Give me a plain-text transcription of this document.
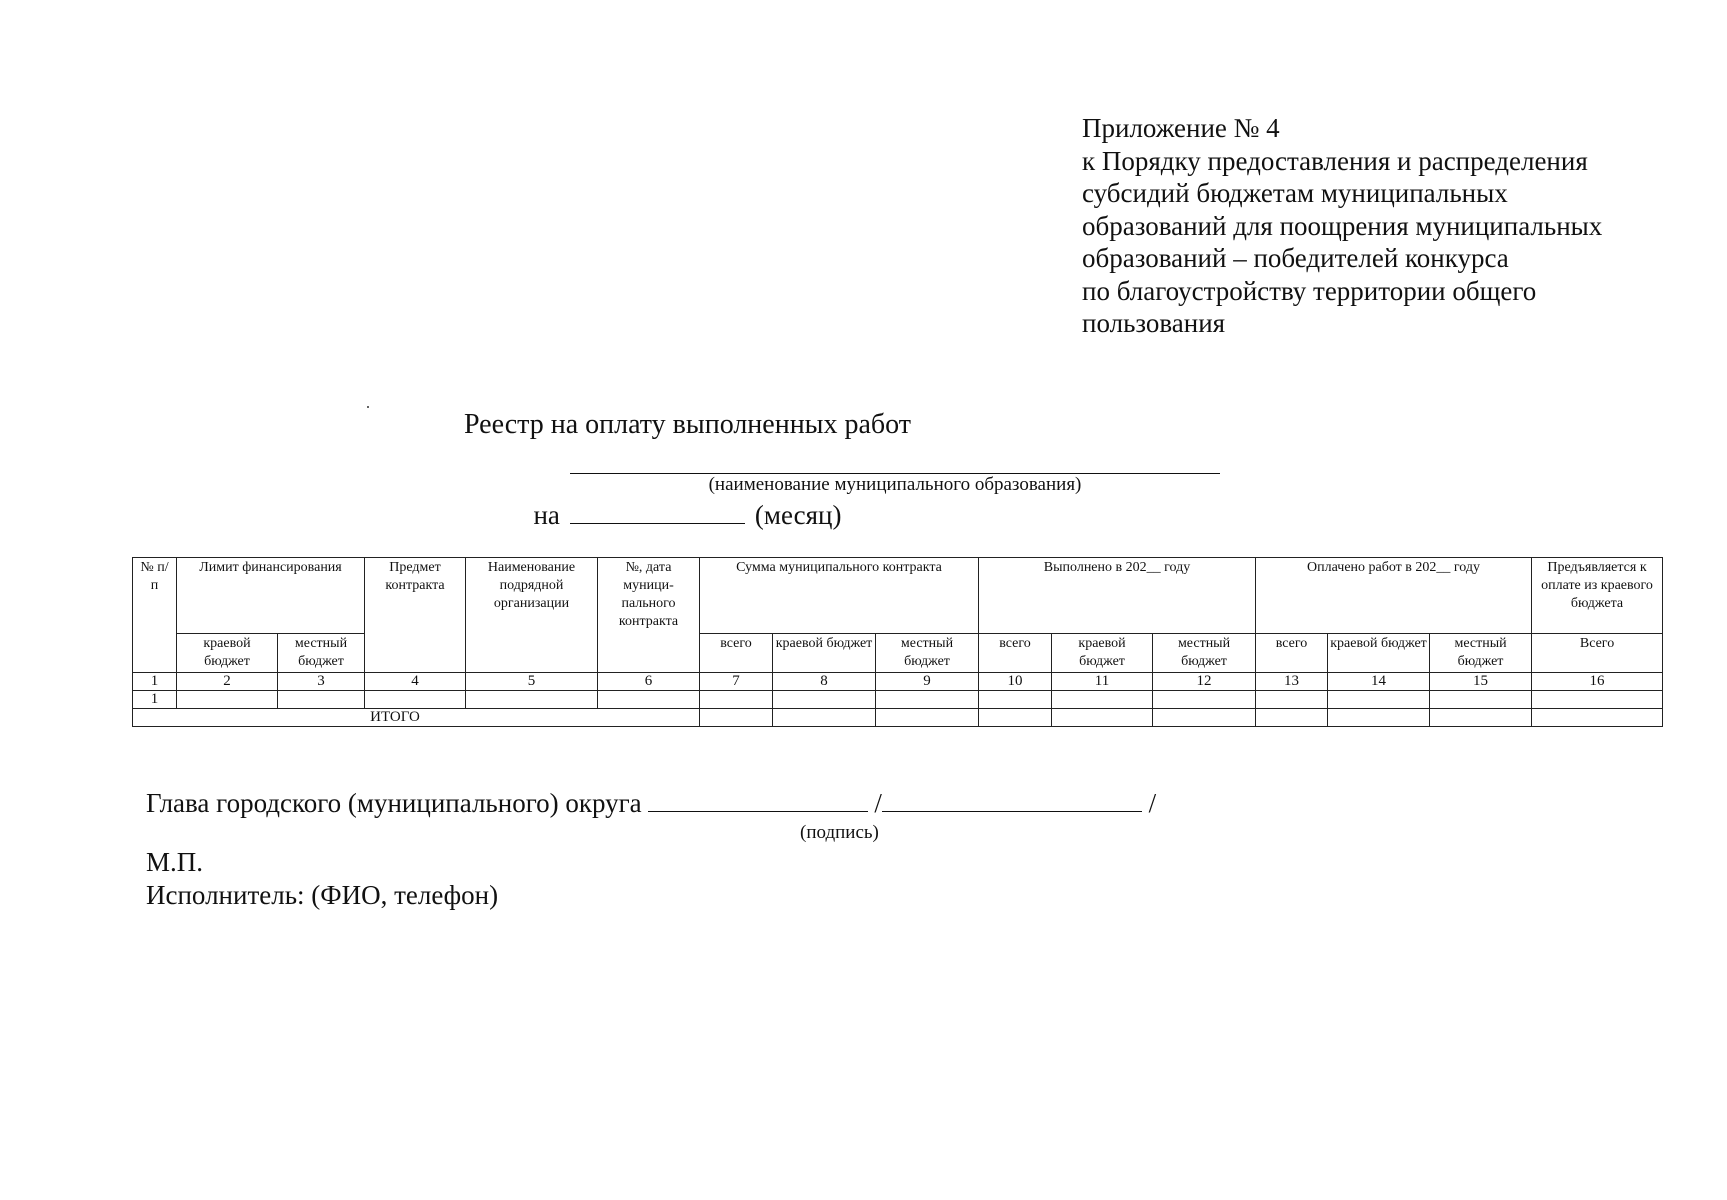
Приложение № 4
к Порядку предоставления и распределения
субсидий бюджетам муниципальных
образований для поощрения муниципальных
образований – победителей конкурса
по благоустройству территории общего
пользования
Реестр на оплату выполненных работ
(наименование муниципального образования)
на	(месяц)
№ п/ п	Лимит финансирования		Предмет контракта	Наименование подрядной организации	№, дата муници-пального контракта	Сумма муниципального контракта			Выполнено в 202__ году			Оплачено работ в 202__ году			Предъявляется к оплате из краевого бюджета
	краевой бюджет	местный бюджет				всего	краевой бюджет	местный бюджет	всего	краевой бюджет	местный бюджет	всего	краевой бюджет	местный бюджет	Всего
1	2	3	4	5	6	7	8	9	10	11	12	13	14	15	16
1															
ИТОГО															
Глава городского (муниципального) округа	/	/
(подпись)
М.П.
Исполнитель: (ФИО, телефон)
